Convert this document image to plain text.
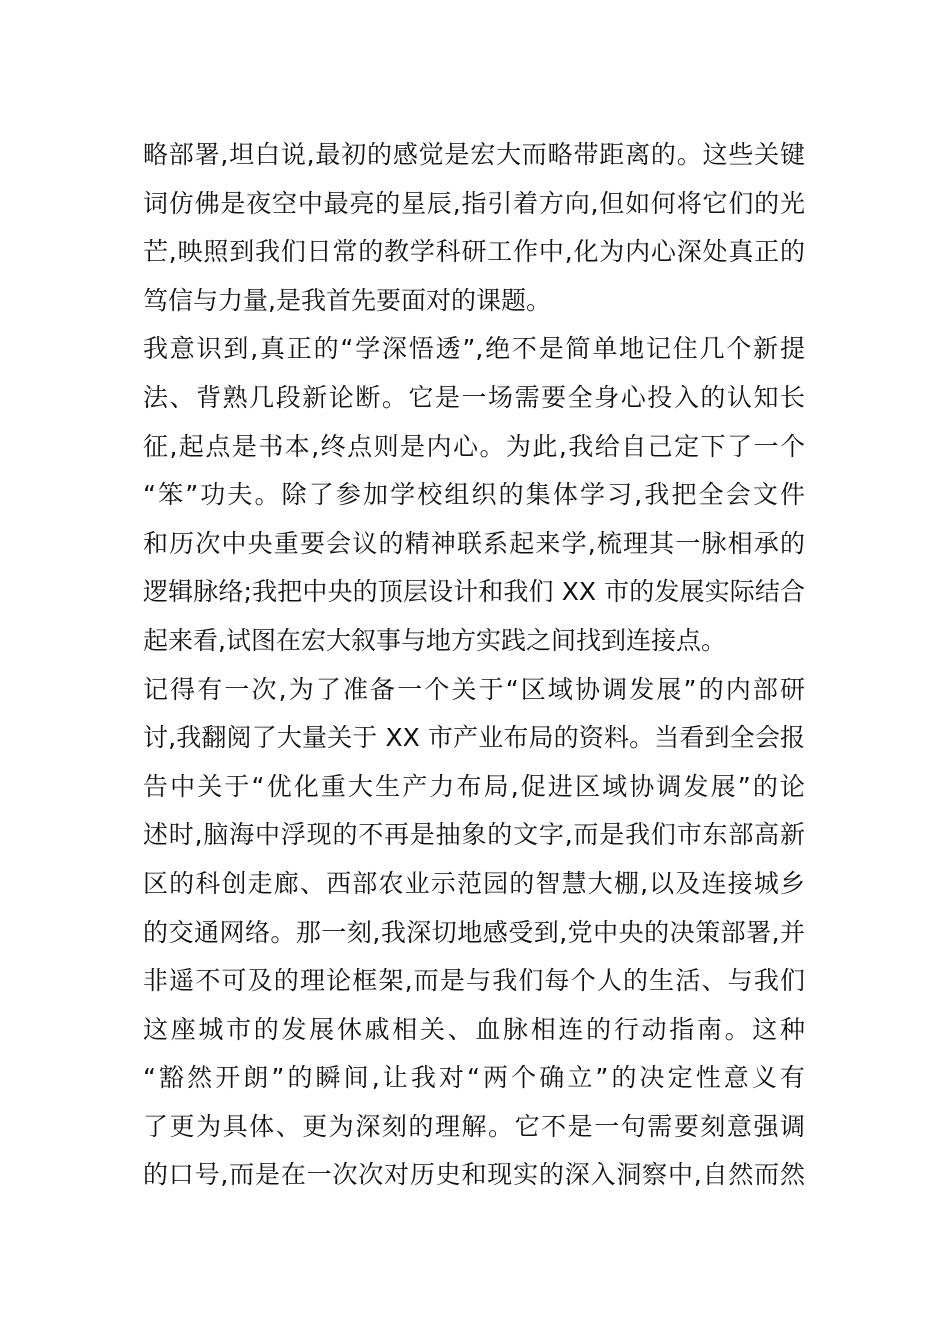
略部署,坦白说,最初的感觉是宏大而略带距离的。这些关键
词仿佛是夜空中最亮的星辰,指引着方向,但如何将它们的光
芒,映照到我们日常的教学科研工作中,化为内心深处真正的
笃信与力量,是我首先要面对的课题。
我意识到,真正的“学深悟透”,绝不是简单地记住几个新提
法、背熟几段新论断。它是一场需要全身心投入的认知长
征,起点是书本,终点则是内心。为此,我给自己定下了一个
“笨”功夫。除了参加学校组织的集体学习,我把全会文件
和历次中央重要会议的精神联系起来学,梳理其一脉相承的
逻辑脉络;我把中央的顶层设计和我们 XX 市的发展实际结合
起来看,试图在宏大叙事与地方实践之间找到连接点。
记得有一次,为了准备一个关于“区域协调发展”的内部研
讨,我翻阅了大量关于 XX 市产业布局的资料。当看到全会报
告中关于“优化重大生产力布局,促进区域协调发展”的论
述时,脑海中浮现的不再是抽象的文字,而是我们市东部高新
区的科创走廊、西部农业示范园的智慧大棚,以及连接城乡
的交通网络。那一刻,我深切地感受到,党中央的决策部署,并
非遥不可及的理论框架,而是与我们每个人的生活、与我们
这座城市的发展休戚相关、血脉相连的行动指南。这种
“豁然开朗”的瞬间,让我对“两个确立”的决定性意义有
了更为具体、更为深刻的理解。它不是一句需要刻意强调
的口号,而是在一次次对历史和现实的深入洞察中,自然而然
